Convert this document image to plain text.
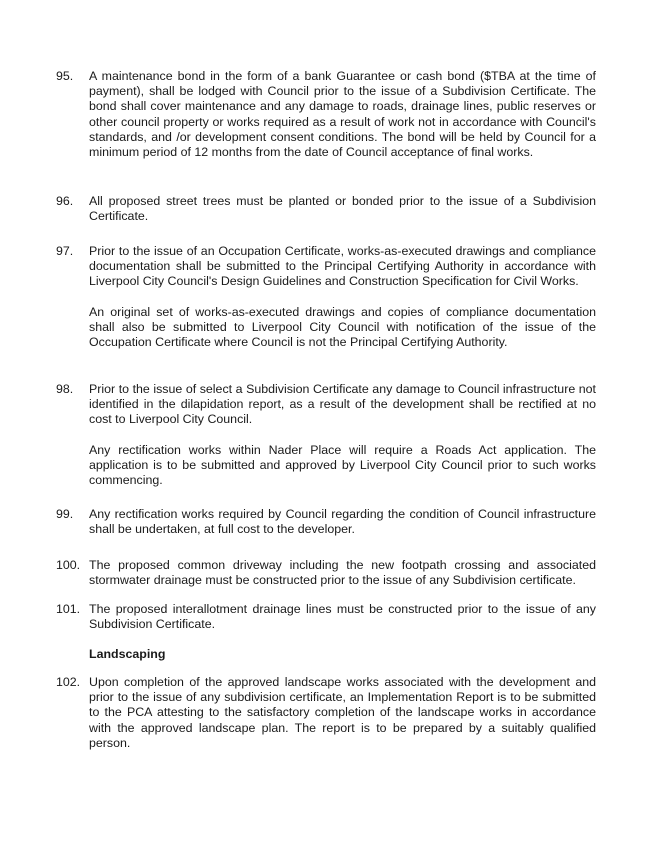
95.	A maintenance bond in the form of a bank Guarantee or cash bond ($TBA at the time of payment), shall be lodged with Council prior to the issue of a Subdivision Certificate. The bond shall cover maintenance and any damage to roads, drainage lines, public reserves or other council property or works required as a result of work not in accordance with Council's standards, and /or development consent conditions. The bond will be held by Council for a minimum period of 12 months from the date of Council acceptance of final works.

96.	All proposed street trees must be planted or bonded prior to the issue of a Subdivision Certificate.

97.	Prior to the issue of an Occupation Certificate, works-as-executed drawings and compliance documentation shall be submitted to the Principal Certifying Authority in accordance with Liverpool City Council's Design Guidelines and Construction Specification for Civil Works.

An original set of works-as-executed drawings and copies of compliance documentation shall also be submitted to Liverpool City Council with notification of the issue of the Occupation Certificate where Council is not the Principal Certifying Authority.

98.	Prior to the issue of select a Subdivision Certificate any damage to Council infrastructure not identified in the dilapidation report, as a result of the development shall be rectified at no cost to Liverpool City Council.

Any rectification works within Nader Place will require a Roads Act application. The application is to be submitted and approved by Liverpool City Council prior to such works commencing.

99.	Any rectification works required by Council regarding the condition of Council infrastructure shall be undertaken, at full cost to the developer.

100. The proposed common driveway including the new footpath crossing and associated stormwater drainage must be constructed prior to the issue of any Subdivision certificate.

101. The proposed interallotment drainage lines must be constructed prior to the issue of any Subdivision Certificate.

Landscaping
102. Upon completion of the approved landscape works associated with the development and prior to the issue of any subdivision certificate, an Implementation Report is to be submitted to the PCA attesting to the satisfactory completion of the landscape works in accordance with the approved landscape plan. The report is to be prepared by a suitably qualified person.
